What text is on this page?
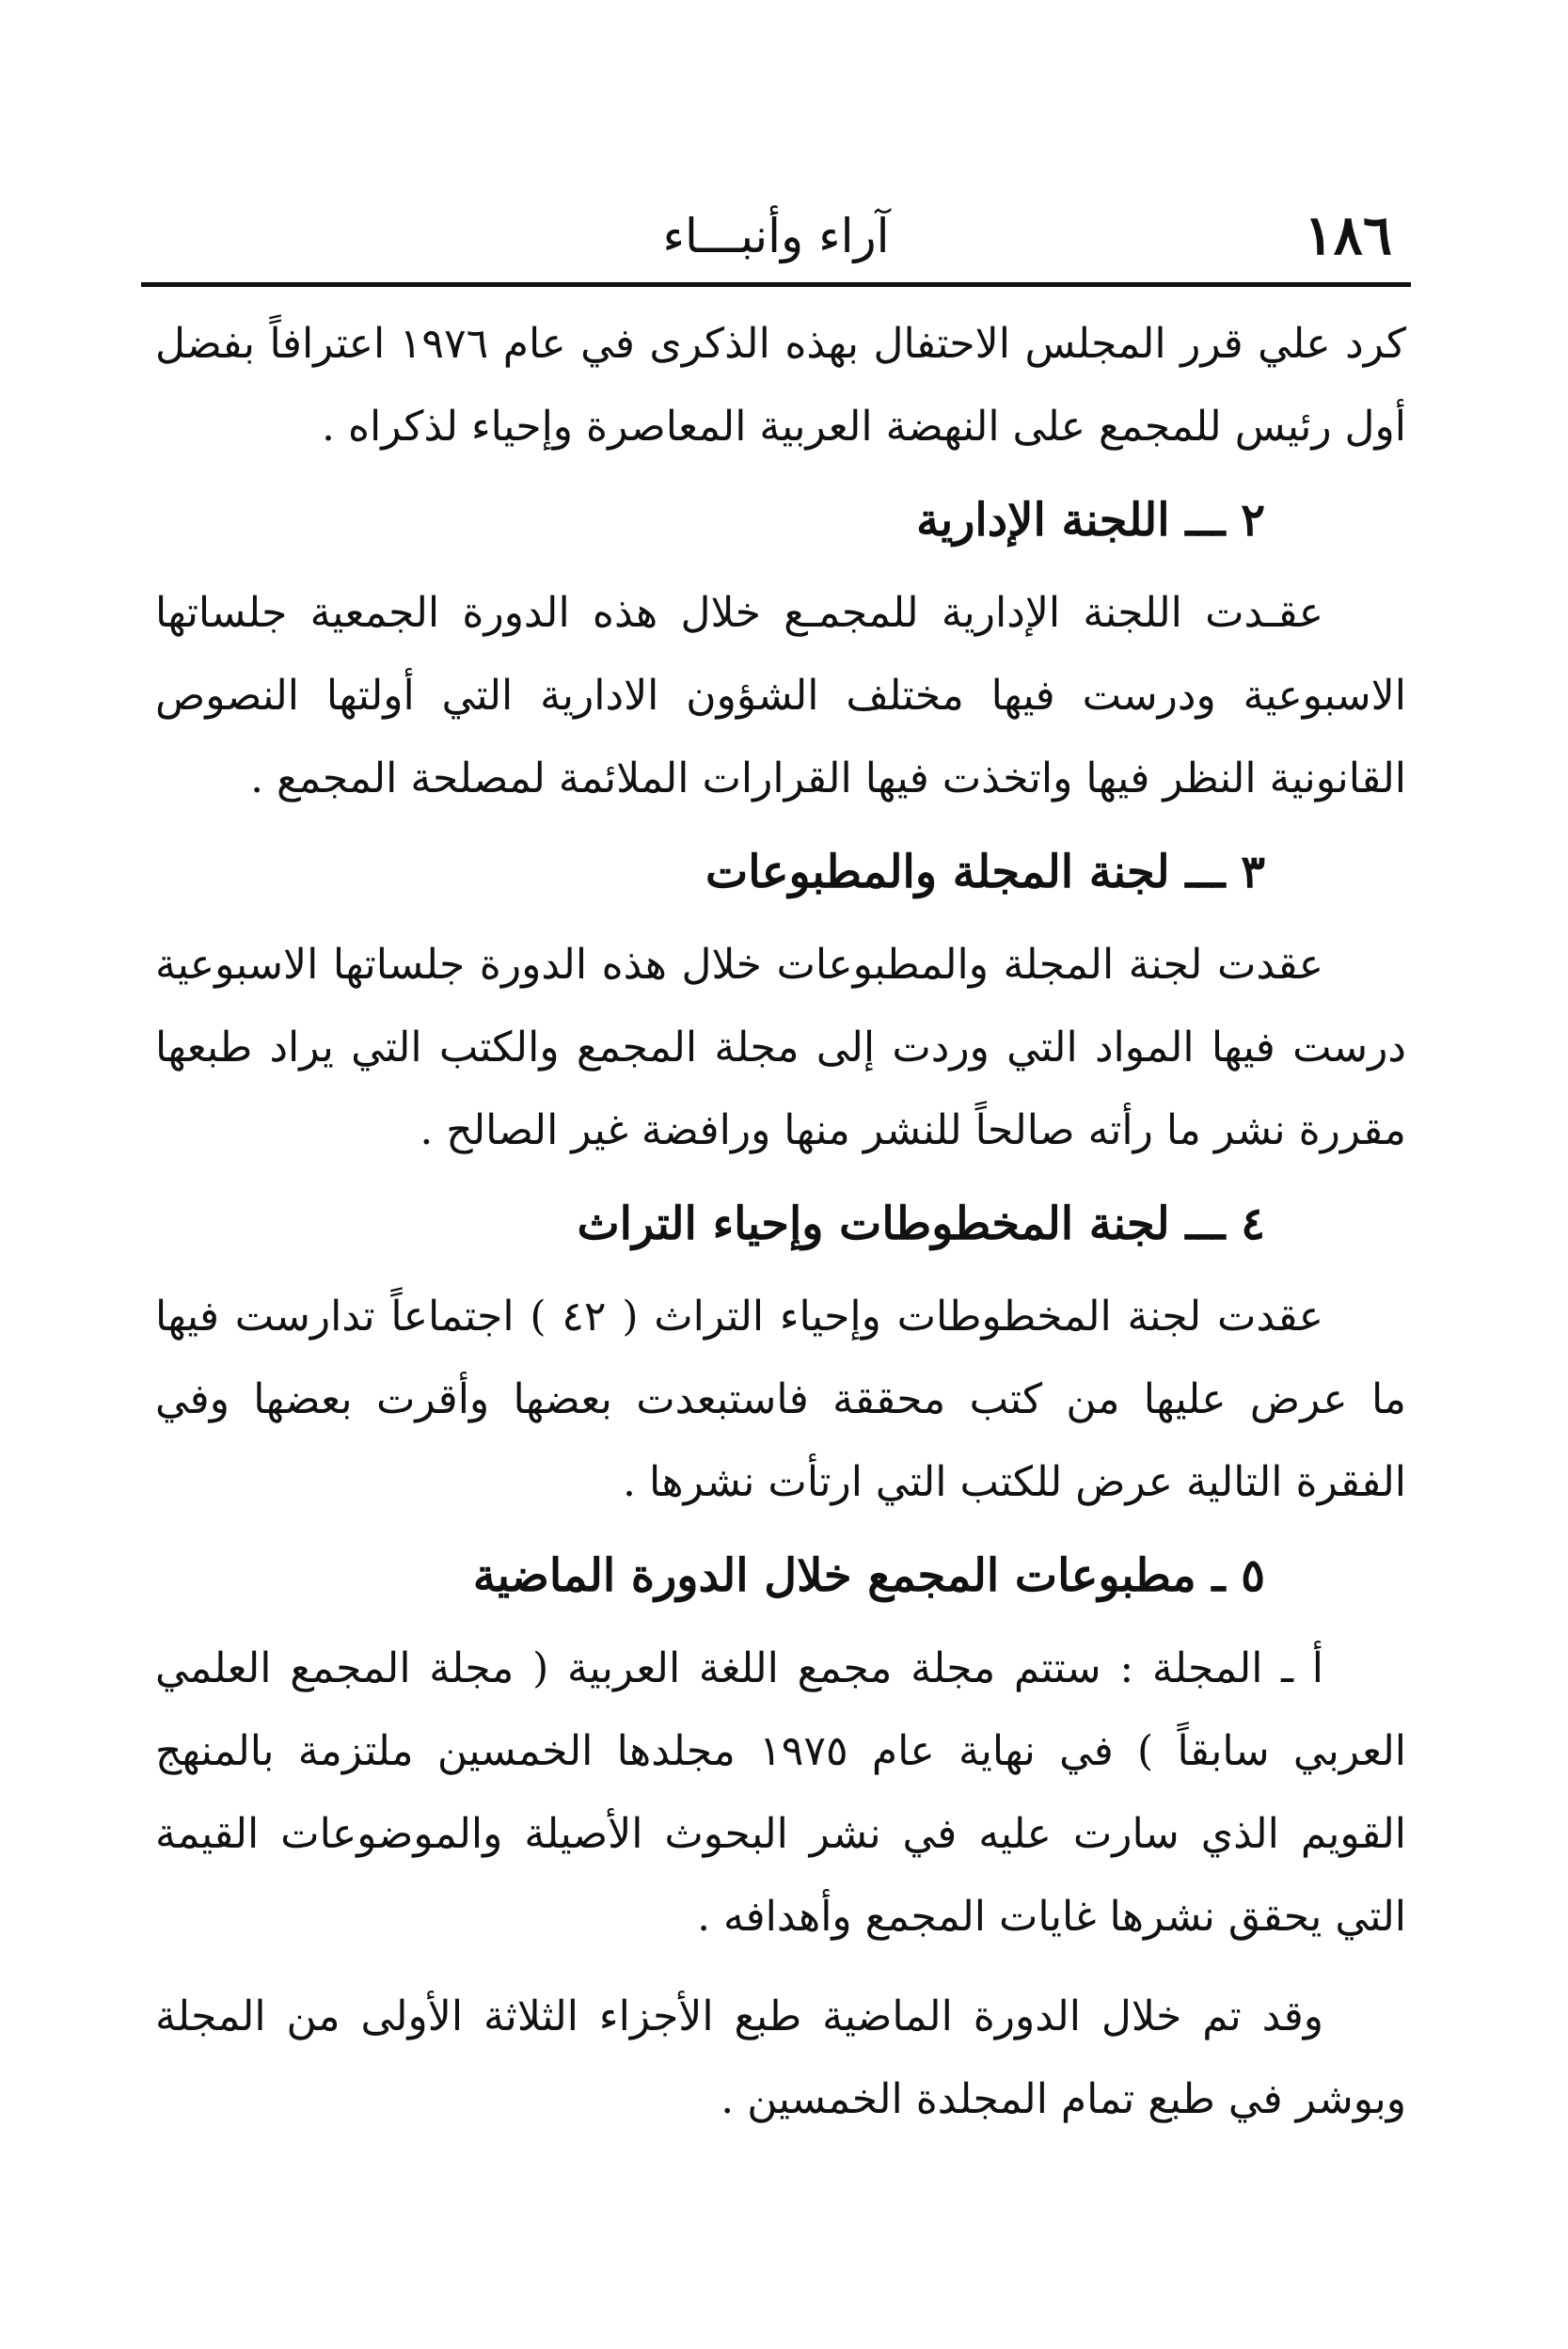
١٨٦
آراء وأنبـــاء

كرد علي قرر المجلس الاحتفال بهذه الذكرى في عام ١٩٧٦ اعترافاً بفضل أول رئيس للمجمع على النهضة العربية المعاصرة وإحياء لذكراه .

٢ ـــ اللجنة الإدارية

عقـدت اللجنة الإدارية للمجمـع خلال هذه الدورة الجمعية جلساتها الاسبوعية ودرست فيها مختلف الشؤون الادارية التي أولتها النصوص القانونية النظر فيها واتخذت فيها القرارات الملائمة لمصلحة المجمع .

٣ ـــ لجنة المجلة والمطبوعات

عقدت لجنة المجلة والمطبوعات خلال هذه الدورة جلساتها الاسبوعية درست فيها المواد التي وردت إلى مجلة المجمع والكتب التي يراد طبعها مقررة نشر ما رأته صالحاً للنشر منها ورافضة غير الصالح .

٤ ـــ لجنة المخطوطات وإحياء التراث

عقدت لجنة المخطوطات وإحياء التراث ( ٤٢ ) اجتماعاً تدارست فيها ما عرض عليها من كتب محققة فاستبعدت بعضها وأقرت بعضها وفي الفقرة التالية عرض للكتب التي ارتأت نشرها .

٥ ـ مطبوعات المجمع خلال الدورة الماضية

أ ـ المجلة : ستتم مجلة مجمع اللغة العربية ( مجلة المجمع العلمي العربي سابقاً ) في نهاية عام ١٩٧٥ مجلدها الخمسين ملتزمة بالمنهج القويم الذي سارت عليه في نشر البحوث الأصيلة والموضوعات القيمة التي يحقق نشرها غايات المجمع وأهدافه .

وقد تم خلال الدورة الماضية طبع الأجزاء الثلاثة الأولى من المجلة وبوشر في طبع تمام المجلدة الخمسين .
